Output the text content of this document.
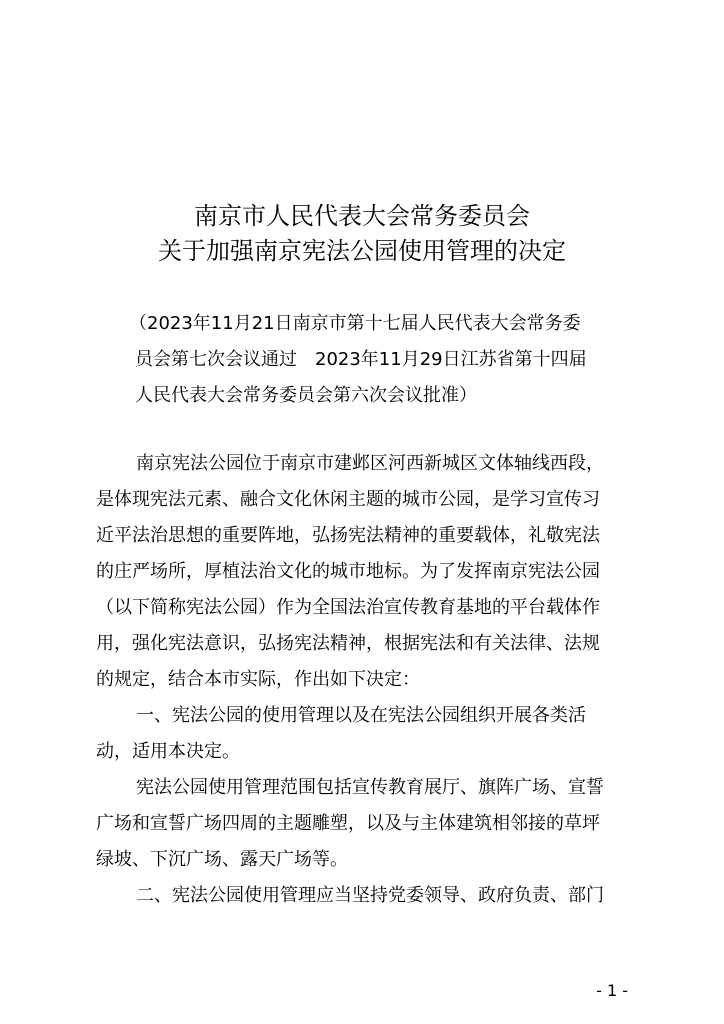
南京市人民代表大会常务委员会
关于加强南京宪法公园使用管理的决定
（2023年11月21日南京市第十七届人民代表大会常务委
员会第七次会议通过　2023年11月29日江苏省第十四届
人民代表大会常务委员会第六次会议批准）
南京宪法公园位于南京市建邺区河西新城区文体轴线西段，
是体现宪法元素、融合文化休闲主题的城市公园，是学习宣传习
近平法治思想的重要阵地，弘扬宪法精神的重要载体，礼敬宪法
的庄严场所，厚植法治文化的城市地标。为了发挥南京宪法公园
（以下简称宪法公园）作为全国法治宣传教育基地的平台载体作
用，强化宪法意识，弘扬宪法精神，根据宪法和有关法律、法规
的规定，结合本市实际，作出如下决定：
一、宪法公园的使用管理以及在宪法公园组织开展各类活
动，适用本决定。
宪法公园使用管理范围包括宣传教育展厅、旗阵广场、宣誓
广场和宣誓广场四周的主题雕塑，以及与主体建筑相邻接的草坪
绿坡、下沉广场、露天广场等。
二、宪法公园使用管理应当坚持党委领导、政府负责、部门
- 1 -
